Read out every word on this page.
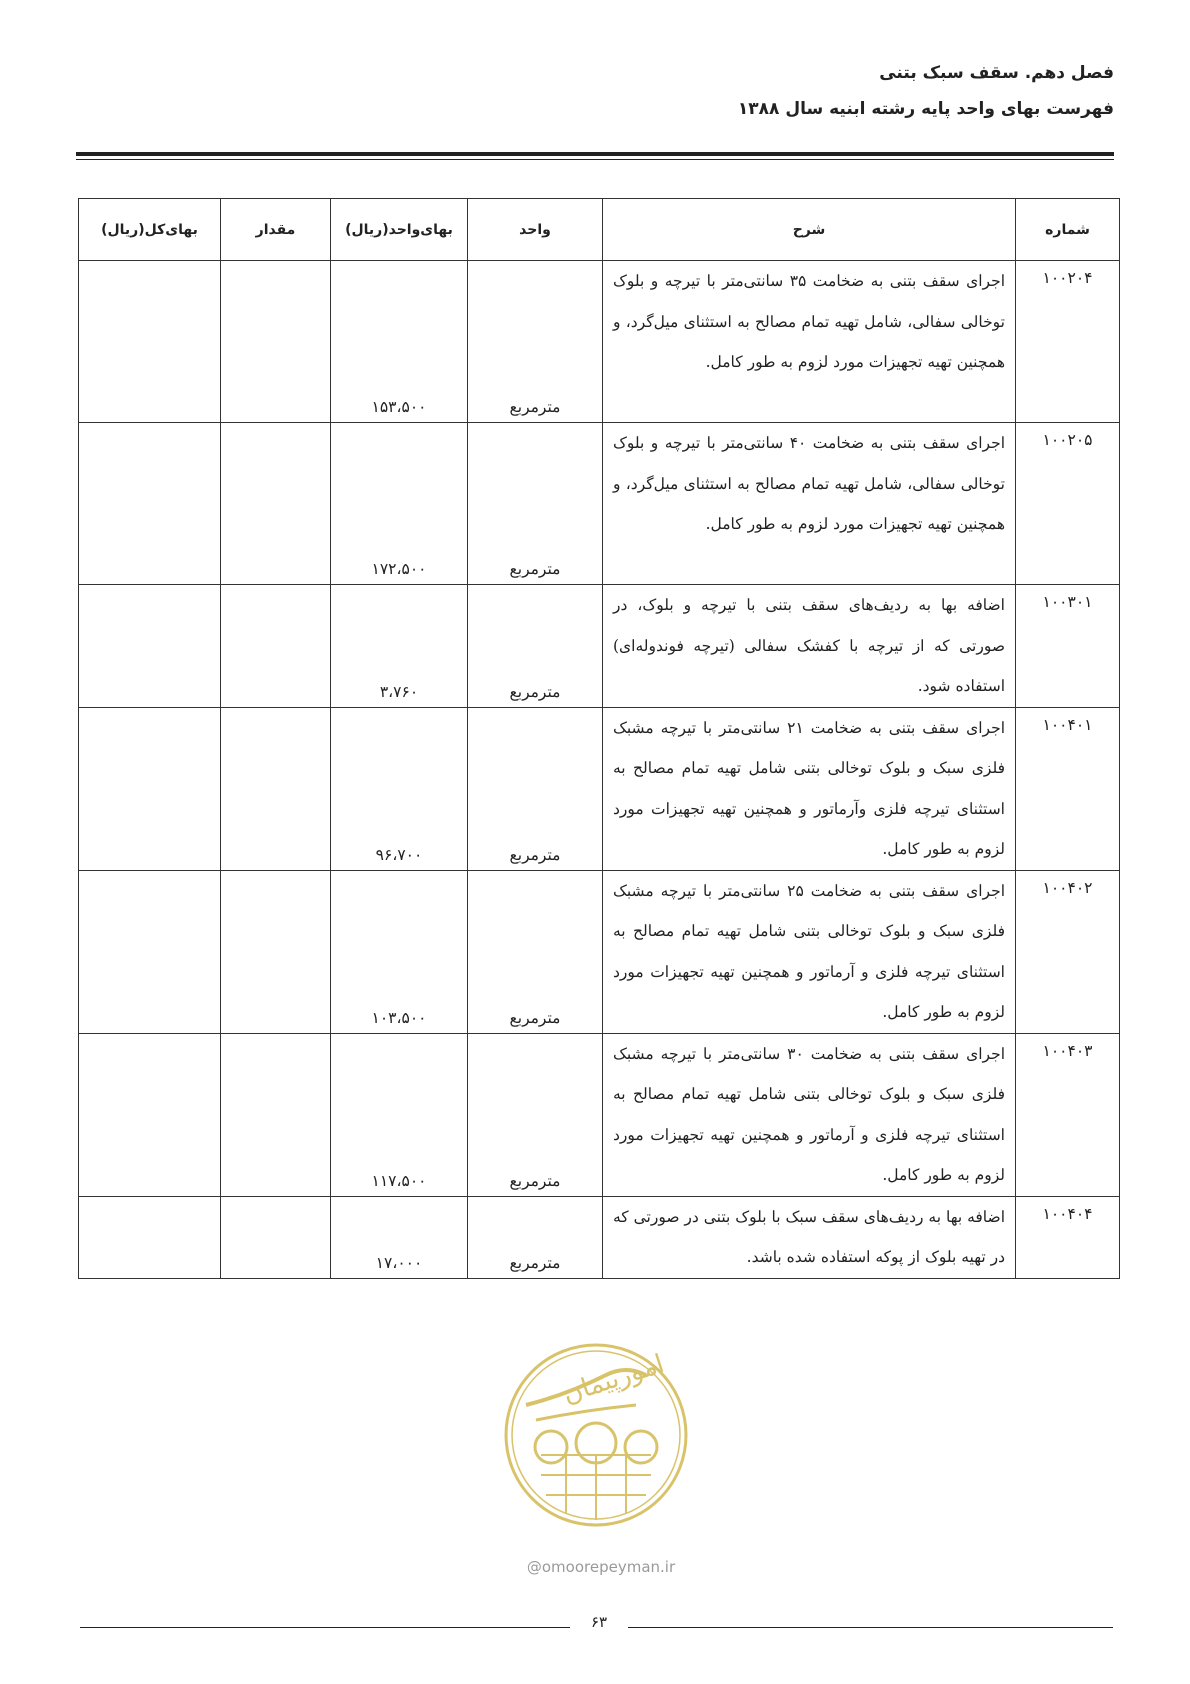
فصل دهم. سقف سبک بتنی

فهرست بهای واحد پایه رشته ابنیه سال ۱۳۸۸

شماره	شرح	واحد	بهای‌واحد(ریال)	مقدار	بهای‌کل(ریال)
۱۰۰۲۰۴	اجرای سقف بتنی به ضخامت ۳۵ سانتی‌متر با تیرچه و بلوک توخالی سفالی، شامل تهیه تمام مصالح به استثنای میل‌گرد، و همچنین تهیه تجهیزات مورد لزوم به طور کامل.	مترمربع	۱۵۳،۵۰۰		
۱۰۰۲۰۵	اجرای سقف بتنی به ضخامت ۴۰ سانتی‌متر با تیرچه و بلوک توخالی سفالی، شامل تهیه تمام مصالح به استثنای میل‌گرد، و همچنین تهیه تجهیزات مورد لزوم به طور کامل.	مترمربع	۱۷۲،۵۰۰		
۱۰۰۳۰۱	اضافه بها به ردیف‌های سقف بتنی با تیرچه و بلوک، در صورتی که از تیرچه با کفشک سفالی (تیرچه فوندوله‌ای) استفاده شود.	مترمربع	۳،۷۶۰		
۱۰۰۴۰۱	اجرای سقف بتنی به ضخامت ۲۱ سانتی‌متر با تیرچه مشبک فلزی سبک و بلوک توخالی بتنی شامل تهیه تمام مصالح به استثنای تیرچه فلزی وآرماتور و همچنین تهیه تجهیزات مورد لزوم به طور کامل.	مترمربع	۹۶،۷۰۰		
۱۰۰۴۰۲	اجرای سقف بتنی به ضخامت ۲۵ سانتی‌متر با تیرچه مشبک فلزی سبک و بلوک توخالی بتنی شامل تهیه تمام مصالح به استثنای تیرچه فلزی و آرماتور و همچنین تهیه تجهیزات مورد لزوم به طور کامل.	مترمربع	۱۰۳،۵۰۰		
۱۰۰۴۰۳	اجرای سقف بتنی به ضخامت ۳۰ سانتی‌متر با تیرچه مشبک فلزی سبک و بلوک توخالی بتنی شامل تهیه تمام مصالح به استثنای تیرچه فلزی و آرماتور و همچنین تهیه تجهیزات مورد لزوم به طور کامل.	مترمربع	۱۱۷،۵۰۰		
۱۰۰۴۰۴	اضافه بها به ردیف‌های سقف سبک با بلوک بتنی در صورتی که در تهیه بلوک از پوکه استفاده شده باشد.	مترمربع	۱۷،۰۰۰		
امورپیمان
@omoorepeyman.ir
۶۳
